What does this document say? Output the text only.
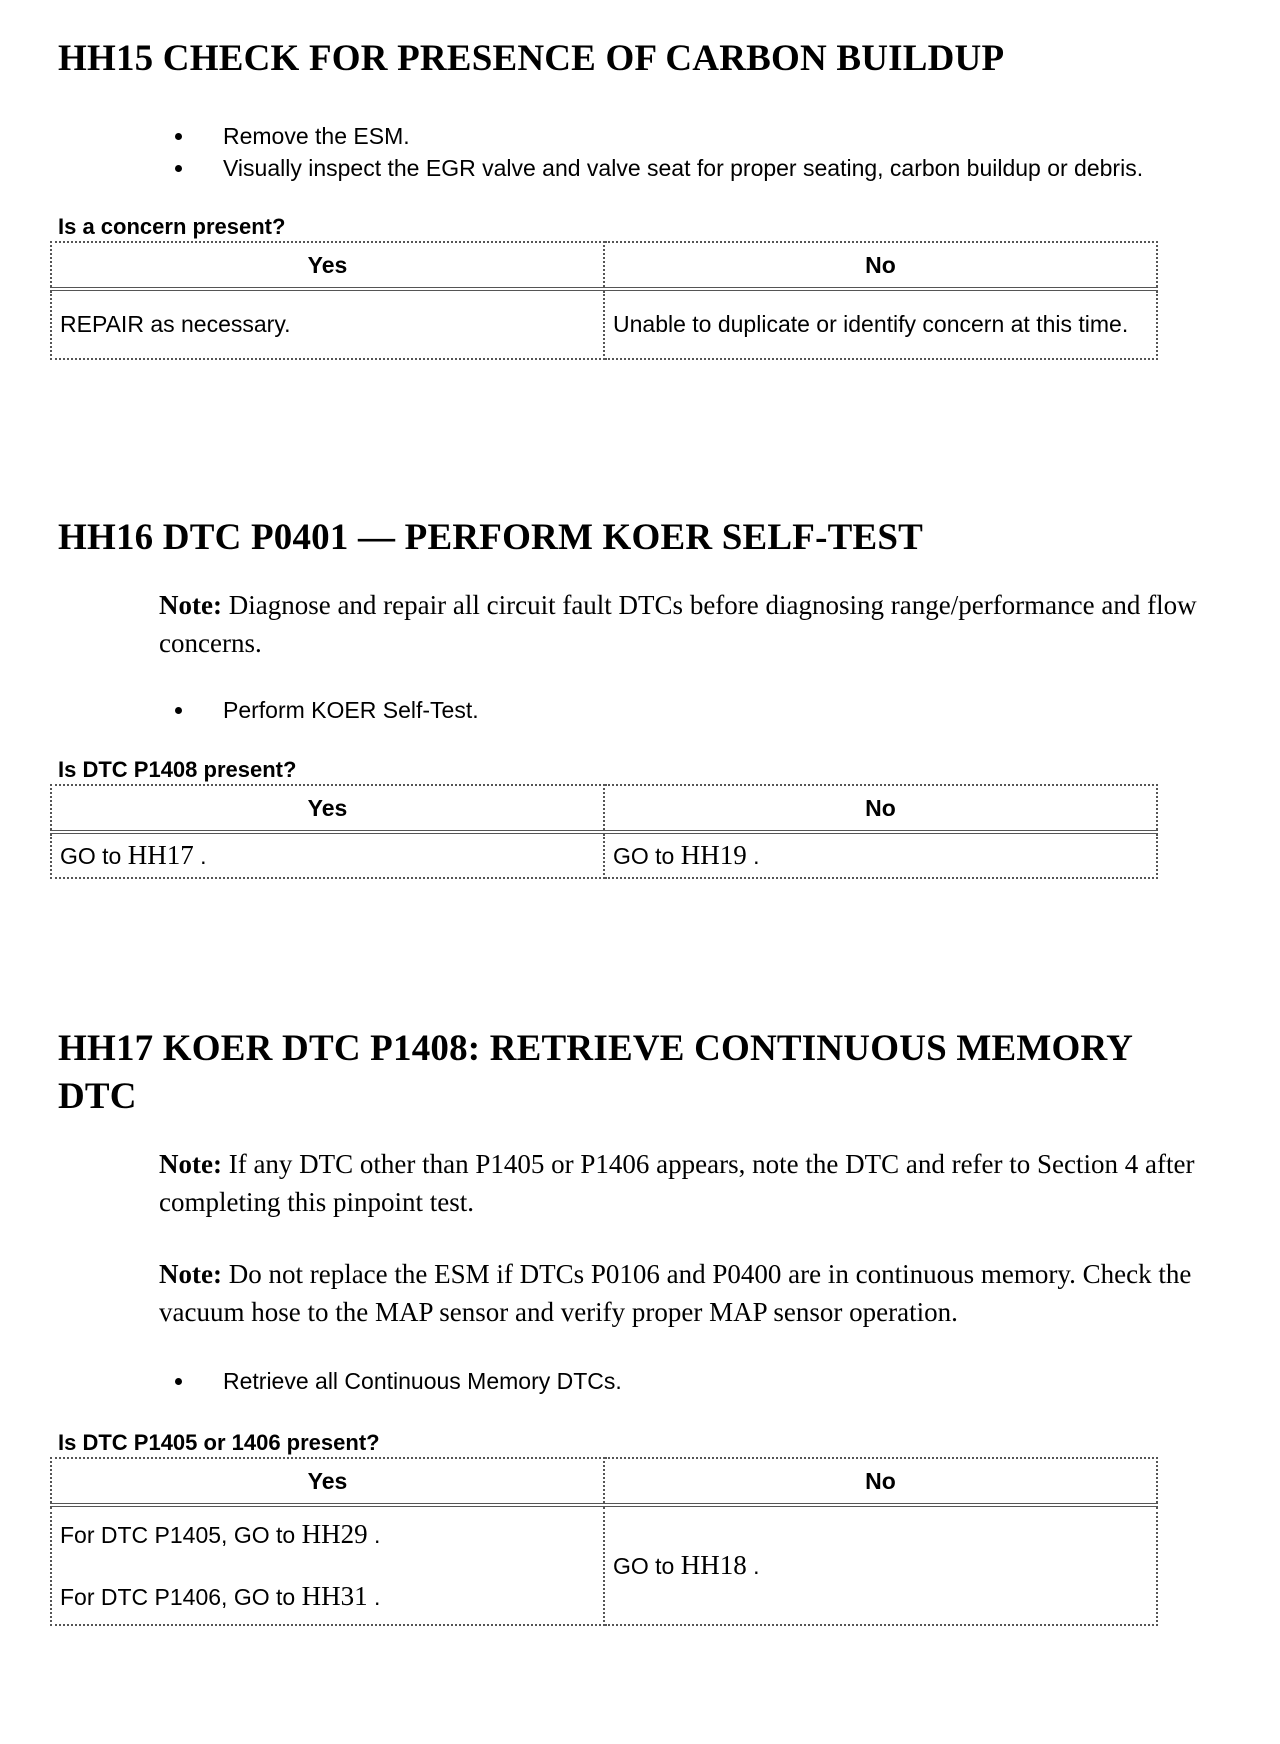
HH15 CHECK FOR PRESENCE OF CARBON BUILDUP
Remove the ESM.
Visually inspect the EGR valve and valve seat for proper seating, carbon buildup or debris.

Is a concern present?

Yes	No
REPAIR as necessary.	Unable to duplicate or identify concern at this time.
HH16 DTC P0401 — PERFORM KOER SELF-TEST

Note: Diagnose and repair all circuit fault DTCs before diagnosing range/performance and flow concerns.

Perform KOER Self-Test.

Is DTC P1408 present?

Yes	No
GO to HH17 .	GO to HH19 .
HH17 KOER DTC P1408: RETRIEVE CONTINUOUS MEMORY DTC

Note: If any DTC other than P1405 or P1406 appears, note the DTC and refer to Section 4 after completing this pinpoint test.

Note: Do not replace the ESM if DTCs P0106 and P0400 are in continuous memory. Check the vacuum hose to the MAP sensor and verify proper MAP sensor operation.

Retrieve all Continuous Memory DTCs.

Is DTC P1405 or 1406 present?

Yes	No

For DTC P1405, GO to HH29 .
For DTC P1406, GO to HH31 .	GO to HH18 .
